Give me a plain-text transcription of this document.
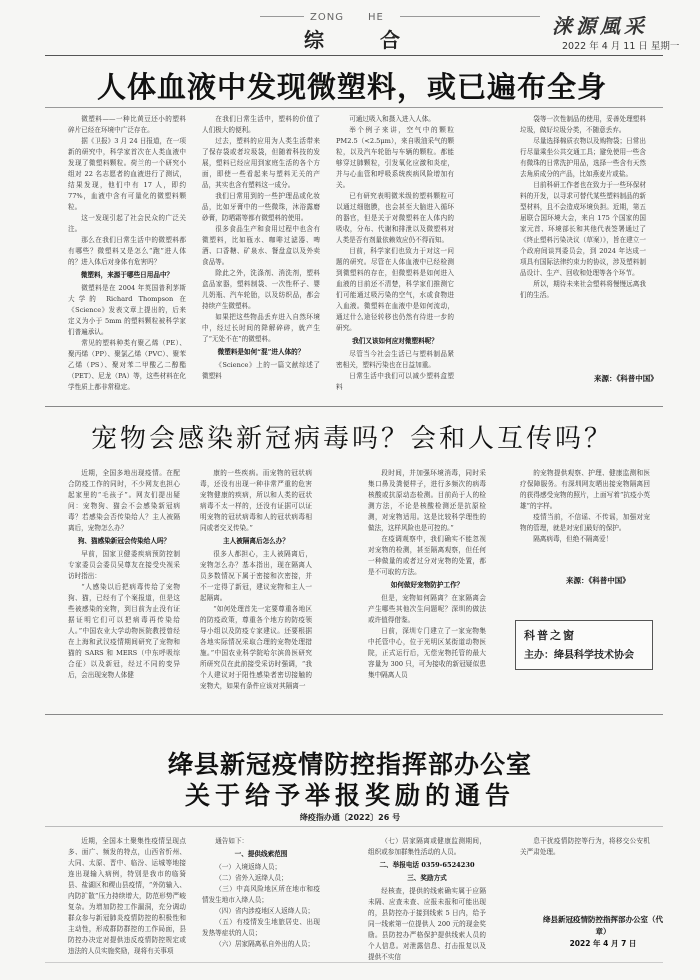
ZONG HE
综	合
涞源風采
2022 年 4 月 11 日 星期一
人体血液中发现微塑料，或已遍布全身

微塑料——一种比黄豆还小的塑料碎片已经在环境中广泛存在。

据《卫报》3 月 24 日报道，在一项新的研究中，科学家首次在人类血液中发现了微塑料颗粒。荷兰的一个研究小组对 22 名志愿者的血液进行了测试，结果发现，他们中有 17 人，即约 77%，血液中含有可量化的微塑料颗粒。

这一发现引起了社会民众的广泛关注。

那么在我们日常生活中的微塑料都有哪些？微塑料又是怎么“跑”进人体的？进入体后对身体有危害吗？

微塑料，来源于哪些日用品中？

微塑料是在 2004 年英国普利茅斯大学的 Richard Thompson 在《Science》发表文章上提出的，后来定义为小于 5mm 的塑料颗粒被科学家们普遍承认。

常见的塑料种类有聚乙烯（PE）、聚丙烯（PP）、聚氯乙烯（PVC）、聚苯乙烯（PS）、聚对苯二甲酸乙二醇酯（PET）、尼龙（PA）等，这些材料在化学性质上都非常稳定。

在我们日常生活中，塑料的价值了人们极大的便利。

过去，塑料的应用为人类生活带来了保存袋或者垃圾袋，但随着科技的发展，塑料已经应用到家庭生活的各个方面，即使一些看起来与塑料无关的产品，其实也含有塑料这一成分。

我们日常用到的一些护理品或化妆品，比如牙膏中的一些微珠，沐浴露磨砂膏，防晒霜等都有微塑料的使用。

很多食品生产和食用过程中也含有微塑料，比如瓶水、咖啡过滤器、啤酒、口香糖、矿泉水、餐盘盒以及外卖食品等。

除此之外，洗涤剂、消洗剂，塑料盒品家器，塑料制袋、一次性杯子、婴儿奶瓶、汽车轮胎，以及纺织品，都会持续产生微塑料。

如果把这些物品丢弃进入自然环境中，经过长时间的降解碎碎，就产生了“无处不在”的微塑料。

微塑料是如何“混”进人体的？

《Science》上的一篇文献综述了微塑料

可通过吸入和摄入进入人体。

举个例子来讲，空气中的颗粒 PM2.5（<2.5μm），来自吸油采气的颗粒，以及汽车轮胎与车辆的颗粒。都能够穿过肺颗粒，引发氧化应激和炎症，并与心血管和呼吸系统疾病风险增加有关。

已有研究表明微米级的塑料颗粒可以通过细胞膜，也会甚至大脑进入循环的器官，但是关于对微塑料在人体内的吸收，分布、代谢和排泄以及微塑料对人类是否有剂量依赖效应仍不得而知。

目前，科学家们也致力于对这一问题的研究。尽管在人体血液中已经检测到微塑料的存在，但微塑料是如何进入血液的目前还不清楚，科学家们推测它们可能通过吸污染的空气，水或食物进入血液。微塑料在血液中是如何流动，通过什么途径转移也仍然有待进一步的研究。

我们又该如何应对微塑料呢？

尽管当今社会生活已与塑料制品紧密相关，塑料污染也在日益加重。

日常生活中我们可以减少塑料盒塑料

袋等一次性制品的使用，妥善处理塑料垃圾，做好垃圾分类，不随意丢弃。

尽量选择棉质衣物以及购物袋；日常出行尽量乘坐公共交通工具；避免使用一些含有微珠的日常洗护用品，选择一些含有天然去角质成分的产品，比如燕麦片或盐。

目前科研工作者也在致力于一些环保材料的开发，以寻求可替代某些塑料制品的新型材料，且不会造成环境负担。近期，第五届联合国环境大会，来自 175 个国家的国家元首、环境部长和其他代表签署通过了《终止塑料污染决议（草案）》，旨在建立一个政府间谈判委员会，到 2024 年达成一项具有国际法律约束力的协议，涉及塑料制品设计、生产、回收和处理等各个环节。

所以，期待未来社会塑料将慢慢远离我们的生活。

来源：《科普中国》
宠物会感染新冠病毒吗？会和人互传吗？

近期，全国多地出现疫情。在配合防疫工作的同时，不少网友也担心起家里的“毛孩子”。网友们提出疑问：宠物狗、猫会不会感染新冠病毒？若感染会否传染给人？主人被隔离后，宠物怎么办？

狗、猫感染新冠会传染给人吗？

早前，国家卫健委疾病预防控制专家委员会委员吴尊友在接受央视采访时指出：

“人感染以后把病毒传给了宠物狗、猫，已经有了个案报道，但是这些被感染的宠物，到目前为止没有证据证明它们可以把病毒再传染给人。”中国农业大学动物医院教授曾经在上海和武汉疫情期间研究了宠物和猫的 SARS 和 MERS（中东呼吸综合征）以及新冠，经过不同的变异后，会出现宠物人体健

康的一些疾病。而宠物的冠状病毒，还没有出现一种非常严重的危害宠物健康的疾病，所以和人类的冠状病毒不太一样的，还没有证据可以证明宠物的冠状病毒和人的冠状病毒相同或者交叉传染。”

主人被隔离后怎么办？

很多人都担心，主人被隔离后，宠物怎么办？基本指出，现在隔离人员多数情况下属于密接和次密接，并不一定得了新冠，建议宠物和主人一起隔离。

“如何处理首先一定要尊重各地区的防疫政策，尊重各个地方的防疫领导小组以及防疫专家建议。还要根据各地实际情况采取合理的宠物处理措施。”中国农业科学院哈尔滨兽医研究所研究员在此前接受采访时强调，“我个人建议对于阳性感染者密切接触的宠物犬，如果有条件应该对其隔离一

段时间，并加强环境消毒，同时采集口鼻及粪便样子，进行多频次的病毒核酸或抗原动态检测。目前尚于人的检测方法，不论是核酸检测还是抗原检测，对宠物适用。这是比较科学理性的做法，这样风险也是可控的。”

在疫调观察中，我们确实不能忽视对宠物的检测，甚至隔离观察，但任何一种做量的或者过分对宠物的处置，都是不可取的方法。

如何做好宠物防护工作？

但是，宠物如何隔离？在家隔离会产生哪些其他次生问题呢？深圳的做法或许值得借鉴。

日前，深圳专门建立了一家宠物集中托管中心，位于光明区某街道动物医院，正式运行后，无偿宠物托管的最大容量为 300 只，可为接收的新冠疑似患集中隔离人员

的宠物提供观察、护理、健康监测和医疗保障服务。有深圳网友晒出接宠物隔离回的获得感受宠物的照片，上面写着“抗疫小英雄”的字样。

疫情当前，不信谣、不传谣，加强对宠物的管理，就是对宠们最好的保护。

隔离病毒，但绝不隔离爱！

来源：《科普中国》
科普之窗
主办：绛县科学技术协会
绛县新冠疫情防控指挥部办公室
关于给予举报奖励的通告
绛疫指办通〔2022〕26 号

近期，全国本土聚集性疫情呈现点多、面广、频发的特点，山西省忻州、大同、太原、晋中、临汾、运城等地接连出现输入病例，特别是我市的临猗县、盐湖区和稷山县疫情，“外防输入、内防扩散”压力持续增大，防范形势严峻复杂。为增加防控工作漏洞，充分调动群众参与新冠肺炎疫情防控的积极性和主动性，形成群防群控的工作局面，县防控办决定对提供违反疫情防控规定或违法的人员实施奖励，现将有关事项

通告如下：

一、提供线索范围

（一）入境返绛人员；

（二）省外入返绛人员；

（三）中高风险地区所在地市和疫情发生地市入绛人员；

（四）省内涉疫地区人返绛人员；

（五）有疫情发生地旅居史、出现发热等症状的人员；

（六）居家隔离私自外出的人员；

（七）居家隔离或健康监测期间，组织或参加群集性活动的人员。

二、举报电话 0359-6524230

三、奖励方式

经核查，提供的线索确实属于应隔未隔、应查未查、应报未报和可能出现的，县防控办于接到线索 5 日内，给予同一线索第一位提供人 200 元的现金奖励。县防控办严格保护提供线索人员的个人信息。对泄露信息、打击报复以及提供不实信

息干扰疫情防控等行为，将移交公安机关严肃处理。

绛县新冠疫情防控指挥部办公室（代章）
2022 年 4 月 7 日
